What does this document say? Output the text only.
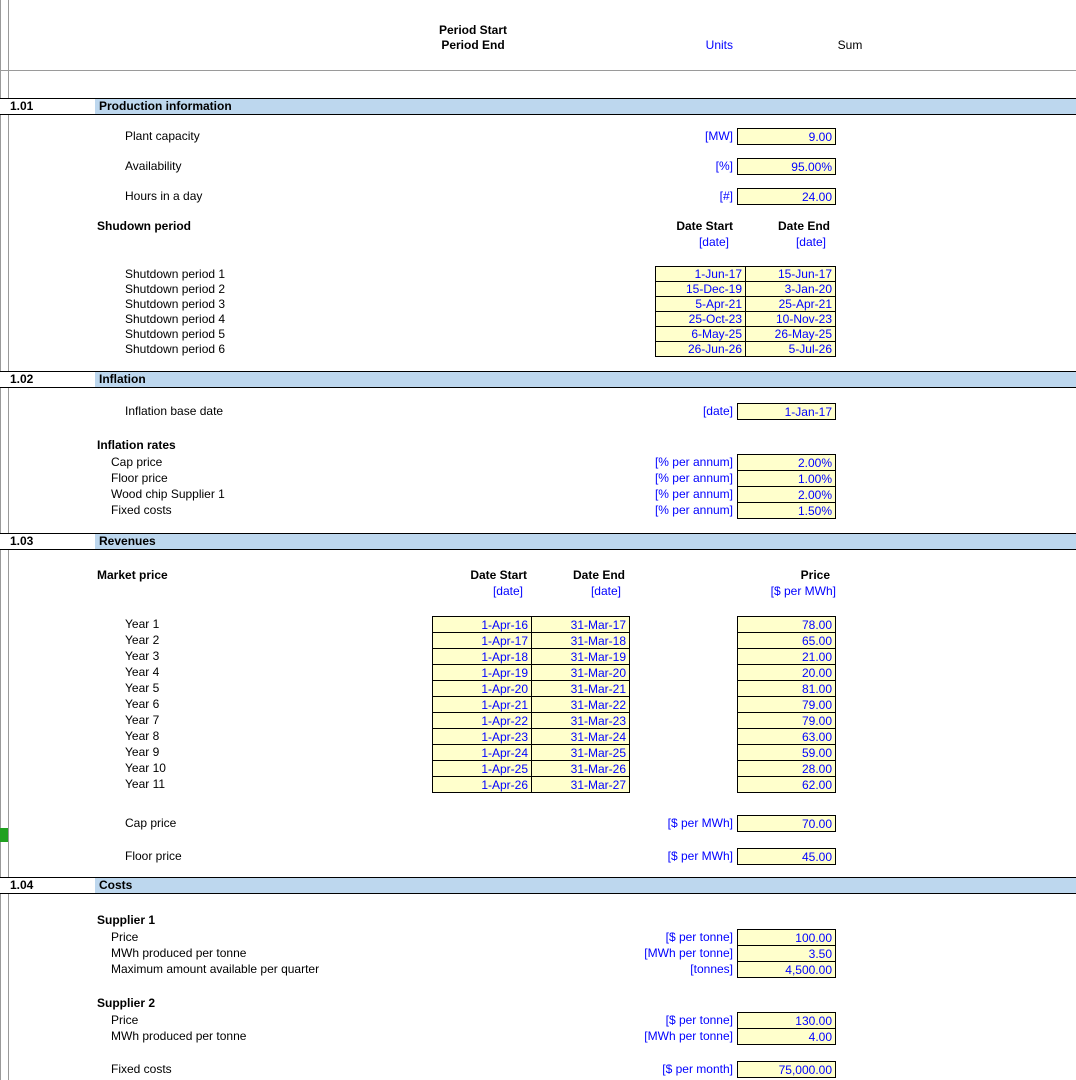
Period Start
Period End	Units	Sum
1.01	Production information
Plant capacity	[MW]	9.00
Availability	[%]	95.00%
Hours in a day	[#]	24.00
Shudown period	Date Start	Date End
[date]	[date]
Shutdown period 1	1-Jun-17	15-Jun-17
Shutdown period 2	15-Dec-19	3-Jan-20
Shutdown period 3	5-Apr-21	25-Apr-21
Shutdown period 4	25-Oct-23	10-Nov-23
Shutdown period 5	6-May-25	26-May-25
Shutdown period 6	26-Jun-26	5-Jul-26
1.02	Inflation
Inflation base date	[date]	1-Jan-17
Inflation rates
Cap price	[% per annum]	2.00%
Floor price	[% per annum]	1.00%
Wood chip Supplier 1	[% per annum]	2.00%
Fixed costs	[% per annum]	1.50%
1.03	Revenues
Market price	Date Start	Date End	Price
[date]	[date]	[$ per MWh]
Year 1	1-Apr-16	31-Mar-17	78.00
Year 2	1-Apr-17	31-Mar-18	65.00
Year 3	1-Apr-18	31-Mar-19	21.00
Year 4	1-Apr-19	31-Mar-20	20.00
Year 5	1-Apr-20	31-Mar-21	81.00
Year 6	1-Apr-21	31-Mar-22	79.00
Year 7	1-Apr-22	31-Mar-23	79.00
Year 8	1-Apr-23	31-Mar-24	63.00
Year 9	1-Apr-24	31-Mar-25	59.00
Year 10	1-Apr-25	31-Mar-26	28.00
Year 11	1-Apr-26	31-Mar-27	62.00
Cap price	[$ per MWh]	70.00
Floor price	[$ per MWh]	45.00
1.04	Costs
Supplier 1
Price	[$ per tonne]	100.00
MWh produced per tonne	[MWh per tonne]	3.50
Maximum amount available per quarter	[tonnes]	4,500.00
Supplier 2
Price	[$ per tonne]	130.00
MWh produced per tonne	[MWh per tonne]	4.00
Fixed costs	[$ per month]	75,000.00
